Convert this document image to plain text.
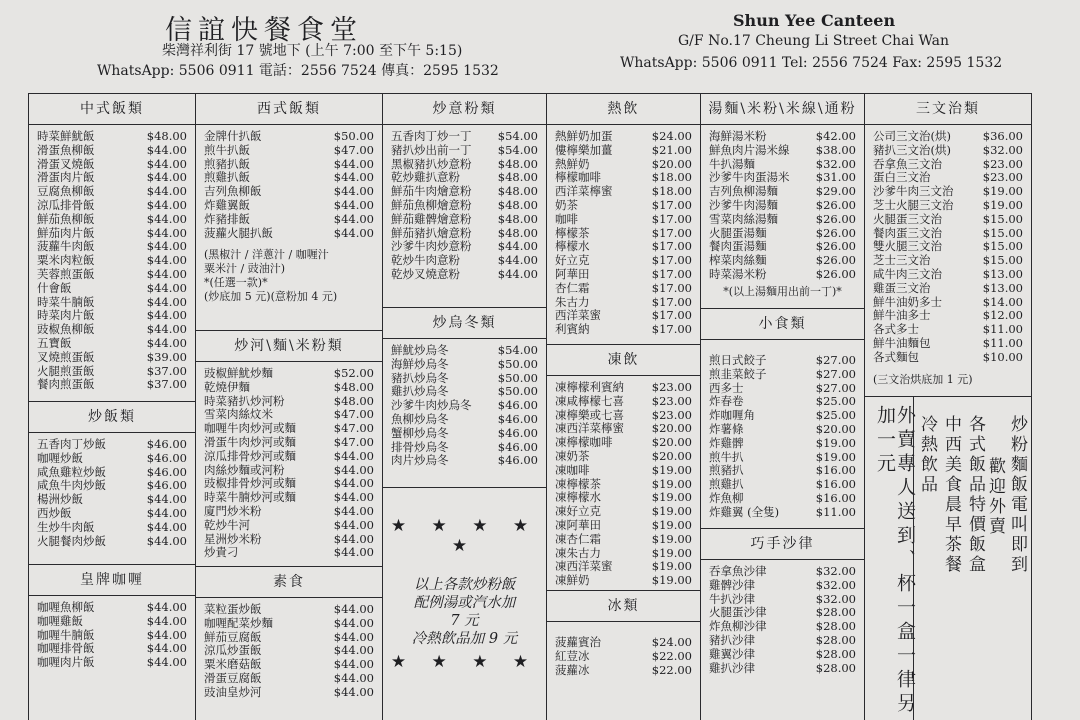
信誼快餐食堂
柴灣祥利街 17 號地下 (上午 7:00 至下午 5:15)
WhatsApp: 5506 0911 電話：2556 7524 傳真：2595 1532
Shun Yee Canteen
G/F No.17 Cheung Li Street Chai Wan
WhatsApp: 5506 0911 Tel: 2556 7524 Fax: 2595 1532
中式飯類
時菜鮮魷飯	$48.00
滑蛋魚柳飯	$44.00
滑蛋叉燒飯	$44.00
滑蛋肉片飯	$44.00
豆腐魚柳飯	$44.00
涼瓜排骨飯	$44.00
鮮茄魚柳飯	$44.00
鮮茄肉片飯	$44.00
菠蘿牛肉飯	$44.00
粟米肉粒飯	$44.00
芙蓉煎蛋飯	$44.00
什會飯	$44.00
時菜牛腩飯	$44.00
時菜肉片飯	$44.00
豉椒魚柳飯	$44.00
五寶飯	$44.00
叉燒煎蛋飯	$39.00
火腿煎蛋飯	$37.00
餐肉煎蛋飯	$37.00
炒飯類
五香肉丁炒飯	$46.00
咖喱炒飯	$46.00
咸魚雞粒炒飯	$46.00
咸魚牛肉炒飯	$46.00
楊洲炒飯	$44.00
西炒飯	$44.00
生炒牛肉飯	$44.00
火腿餐肉炒飯	$44.00
皇牌咖喱
咖喱魚柳飯	$44.00
咖喱雞飯	$44.00
咖喱牛腩飯	$44.00
咖喱排骨飯	$44.00
咖喱肉片飯	$44.00
西式飯類
金牌什扒飯	$50.00
煎牛扒飯	$47.00
煎豬扒飯	$44.00
煎雞扒飯	$44.00
吉列魚柳飯	$44.00
炸雞翼飯	$44.00
炸豬排飯	$44.00
菠蘿火腿扒飯	$44.00
(黑椒汁 / 洋蔥汁 / 咖喱汁
粟米汁 / 豉油汁)
*(任選一款)*
(炒底加 5 元)(意粉加 4 元)
炒河\麵\米粉類
豉椒鮮魷炒麵	$52.00
乾燒伊麵	$48.00
時菜豬扒炒河粉	$48.00
雪菜肉絲炆米	$47.00
咖喱牛肉炒河或麵	$47.00
滑蛋牛肉炒河或麵	$47.00
涼瓜排骨炒河或麵	$44.00
肉絲炒麵或河粉	$44.00
豉椒排骨炒河或麵	$44.00
時菜牛腩炒河或麵	$44.00
廈門炒米粉	$44.00
乾炒牛河	$44.00
星洲炒米粉	$44.00
炒貴刁	$44.00
素食
菜粒蛋炒飯	$44.00
咖喱配菜炒麵	$44.00
鮮茄豆腐飯	$44.00
涼瓜炒蛋飯	$44.00
粟米磨菇飯	$44.00
滑蛋豆腐飯	$44.00
豉油皇炒河	$44.00
炒意粉類
五香肉丁炒一丁 $54.00
豬扒炒出前一丁 $54.00
黑椒豬扒炒意粉 $48.00
乾炒雞扒意粉	$48.00
鮮茄牛肉燴意粉 $48.00
鮮茄魚柳燴意粉 $48.00
鮮茄雞髀燴意粉 $48.00
鮮茄豬扒燴意粉 $48.00
沙爹牛肉炒意粉 $44.00
乾炒牛肉意粉	$44.00
乾炒叉燒意粉	$44.00
炒烏冬類
鮮魷炒烏冬	$54.00
海鮮炒烏冬	$50.00
豬扒炒烏冬	$50.00
雞扒炒烏冬	$50.00
沙爹牛肉炒烏冬 $46.00
魚柳炒烏冬	$46.00
蟹柳炒烏冬	$46.00
排骨炒烏冬	$46.00
肉片炒烏冬	$46.00
★ ★ ★ ★ ★
以上各款炒粉飯
配例湯或汽水加
7 元
冷熱飲品加 9 元
★ ★ ★ ★
熱飲
熱鮮奶加蛋	$24.00
僂檸樂加薑	$21.00
熱鮮奶	$20.00
檸檬咖啡	$18.00
西洋菜檸蜜	$18.00
奶茶	$17.00
咖啡	$17.00
檸檬茶	$17.00
檸檬水	$17.00
好立克	$17.00
阿華田	$17.00
杏仁霜	$17.00
朱古力	$17.00
西洋菜蜜	$17.00
利賓納	$17.00
凍飲
凍檸檬利賓納 $23.00
凍咸檸檬七喜 $23.00
凍檸樂或七喜 $23.00
凍西洋菜檸蜜 $20.00
凍檸檬咖啡	$20.00
凍奶茶	$20.00
凍咖啡	$19.00
凍檸檬茶	$19.00
凍檸檬水	$19.00
凍好立克	$19.00
凍阿華田	$19.00
凍杏仁霜	$19.00
凍朱古力	$19.00
凍西洋菜蜜	$19.00
凍鮮奶	$19.00
冰類
菠蘿賓治	$24.00
紅荳冰	$22.00
菠蘿冰	$22.00
湯麵\米粉\米線\通粉
海鮮湯米粉	$42.00
鮮魚肉片湯米線 $38.00
牛扒湯麵	$32.00
沙爹牛肉蛋湯米 $31.00
吉列魚柳湯麵	$29.00
沙爹牛肉湯麵	$26.00
雪菜肉絲湯麵	$26.00
火腿蛋湯麵	$26.00
餐肉蛋湯麵	$26.00
榨菜肉絲麵	$26.00
時菜湯米粉	$26.00
*(以上湯麵用出前一丁)*
小食類
煎日式餃子	$27.00
煎韭菜餃子	$27.00
西多士	$27.00
炸春卷	$25.00
炸咖喱角	$25.00
炸薯條	$20.00
炸雞髀	$19.00
煎牛扒	$19.00
煎豬扒	$16.00
煎雞扒	$16.00
炸魚柳	$16.00
炸雞翼 (全隻)	$11.00
巧手沙律
吞拿魚沙律	$32.00
雞髀沙律	$32.00
牛扒沙律	$32.00
火腿蛋沙律	$28.00
炸魚柳沙律	$28.00
豬扒沙律	$28.00
雞翼沙律	$28.00
雞扒沙律	$28.00
三文治類
公司三文治(烘)	$36.00
豬扒三文治(烘)	$32.00
吞拿魚三文治	$23.00
蛋白三文治	$23.00
沙爹牛肉三文治	$19.00
芝士火腿三文治	$19.00
火腿蛋三文治	$15.00
餐肉蛋三文治	$15.00
雙火腿三文治	$15.00
芝士三文治	$15.00
咸牛肉三文治	$13.00
雞蛋三文治	$13.00
鮮牛油奶多士	$14.00
鮮牛油多士	$12.00
各式多士	$11.00
鮮牛油麵包	$11.00
各式麵包	$10.00
(三文治烘底加 1 元)
外賣專人送到、杯一盒一律另加一元	冷熱飲品 中西美食晨早茶餐 各式飯品特價飯盒 歡迎外賣 炒粉麵飯電叫即到
